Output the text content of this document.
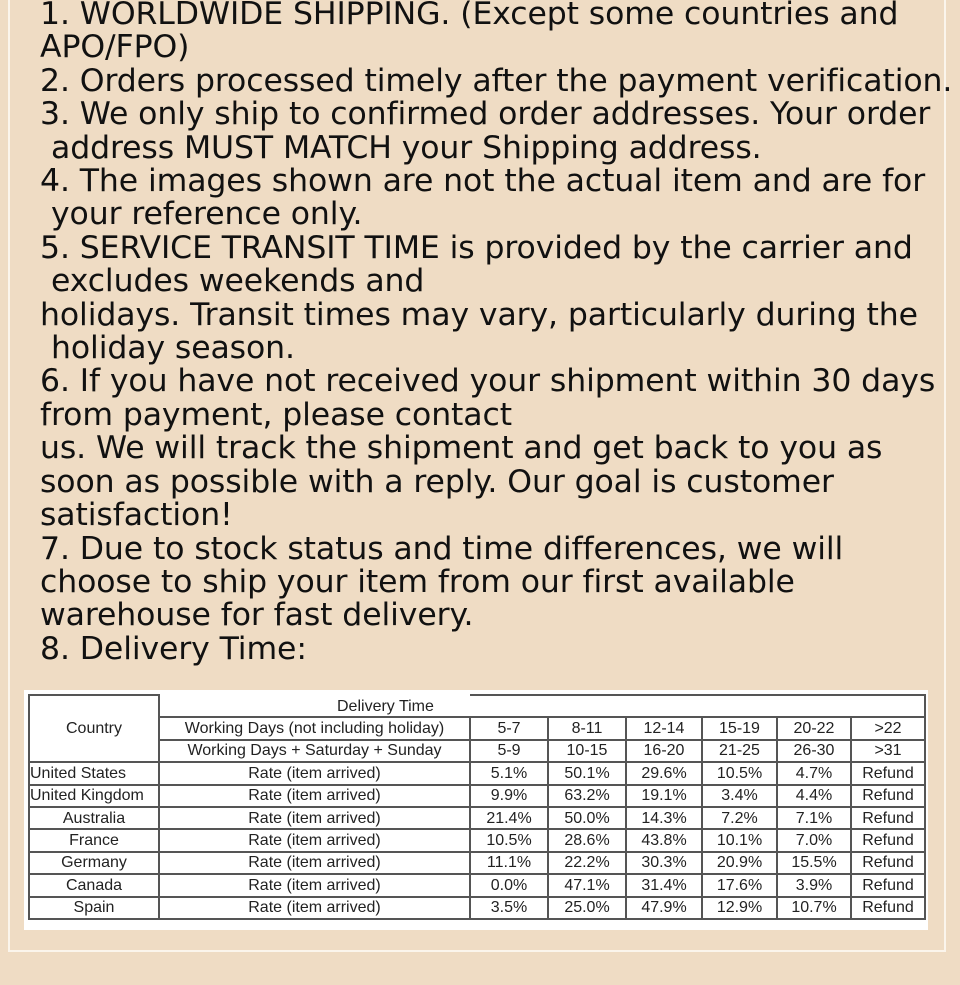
1. WORLDWIDE SHIPPING. (Except some countries and
APO/FPO)
2. Orders processed timely after the payment verification.
3. We only ship to confirmed order addresses. Your order
address MUST MATCH your Shipping address.
4. The images shown are not the actual item and are for
your reference only.
5. SERVICE TRANSIT TIME is provided by the carrier and
excludes weekends and
holidays. Transit times may vary, particularly during the
holiday season.
6. If you have not received your shipment within 30 days
from payment, please contact
us. We will track the shipment and get back to you as
soon as possible with a reply. Our goal is customer
satisfaction!
7. Due to stock status and time differences, we will
choose to ship your item from our first available
warehouse for fast delivery.
8. Delivery Time:
Country		Delivery Time					
	Working Days (not including holiday)	5-7	8-11	12-14	15-19	20-22	>22
	Working Days + Saturday + Sunday	5-9	10-15	16-20	21-25	26-30	>31
United States	Rate (item arrived)	5.1%	50.1%	29.6%	10.5%	4.7%	Refund
United Kingdom	Rate (item arrived)	9.9%	63.2%	19.1%	3.4%	4.4%	Refund
Australia	Rate (item arrived)	21.4%	50.0%	14.3%	7.2%	7.1%	Refund
France	Rate (item arrived)	10.5%	28.6%	43.8%	10.1%	7.0%	Refund
Germany	Rate (item arrived)	11.1%	22.2%	30.3%	20.9%	15.5%	Refund
Canada	Rate (item arrived)	0.0%	47.1%	31.4%	17.6%	3.9%	Refund
Spain	Rate (item arrived)	3.5%	25.0%	47.9%	12.9%	10.7%	Refund
